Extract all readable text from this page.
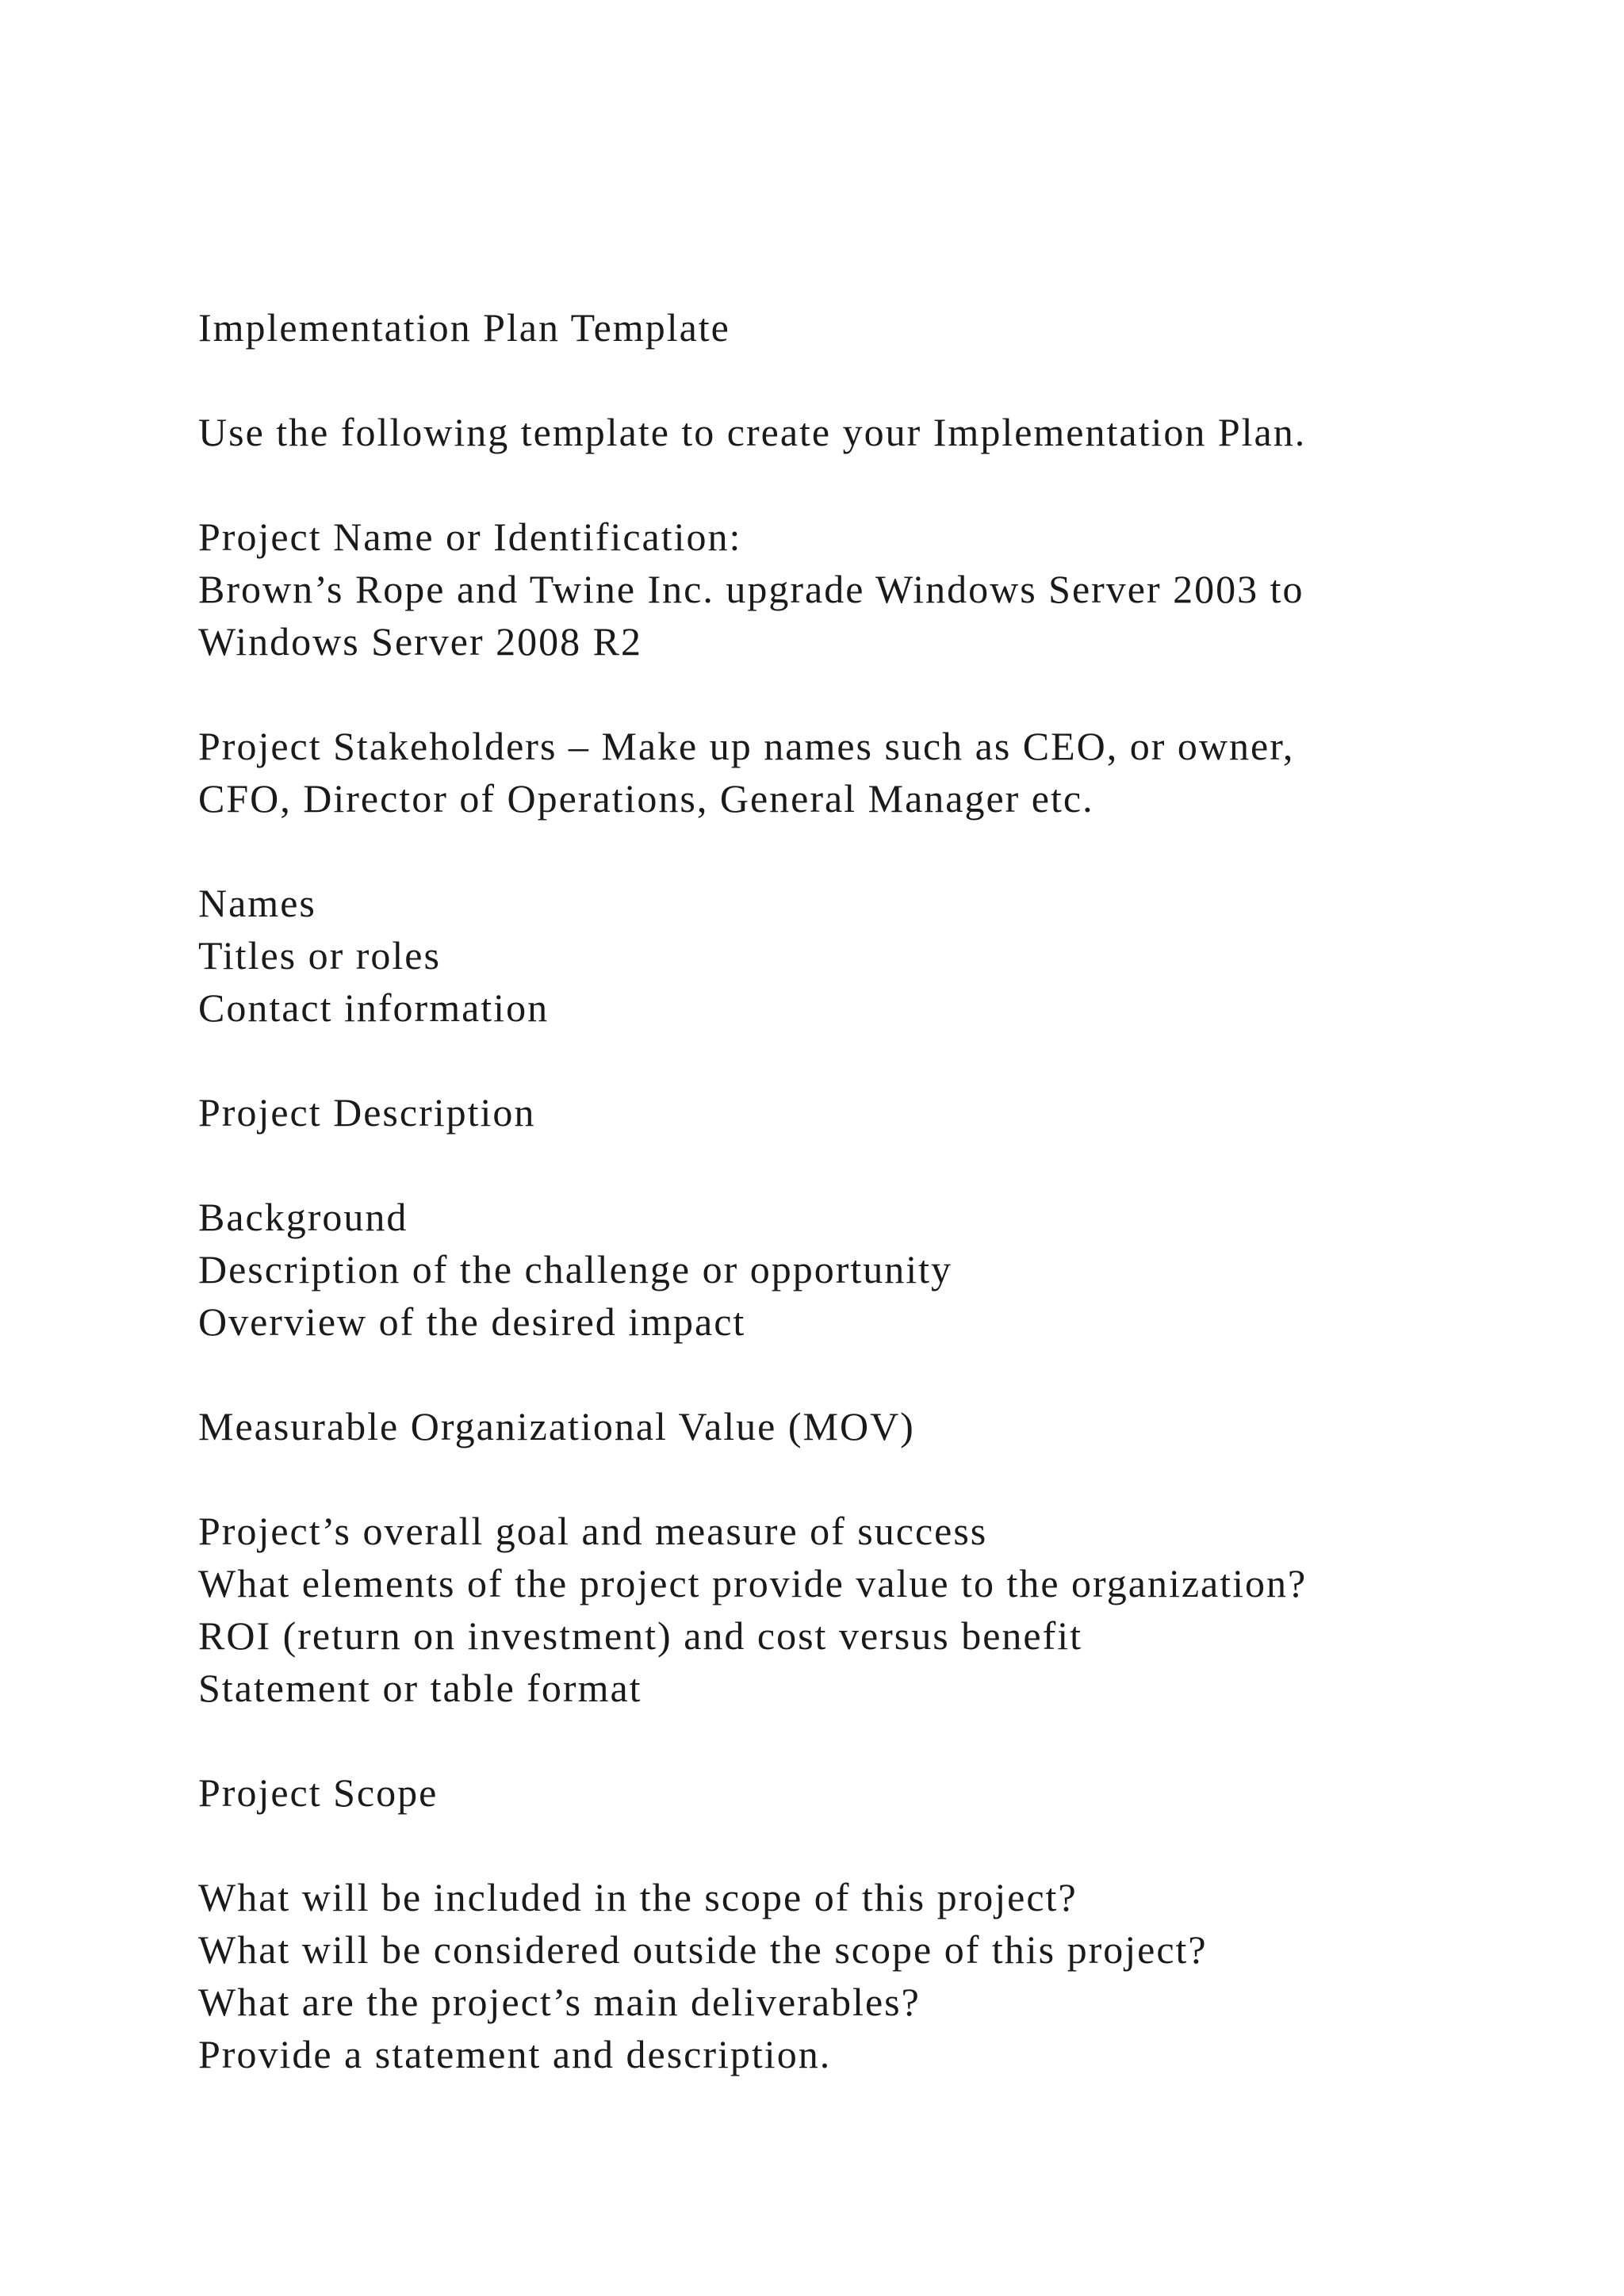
Implementation Plan Template
Use the following template to create your Implementation Plan.
Project Name or Identification:
Brown’s Rope and Twine Inc. upgrade Windows Server 2003 to
Windows Server 2008 R2
Project Stakeholders – Make up names such as CEO, or owner,
CFO, Director of Operations, General Manager etc.
Names
Titles or roles
Contact information
Project Description
Background
Description of the challenge or opportunity
Overview of the desired impact
Measurable Organizational Value (MOV)
Project’s overall goal and measure of success
What elements of the project provide value to the organization?
ROI (return on investment) and cost versus benefit
Statement or table format
Project Scope
What will be included in the scope of this project?
What will be considered outside the scope of this project?
What are the project’s main deliverables?
Provide a statement and description.
